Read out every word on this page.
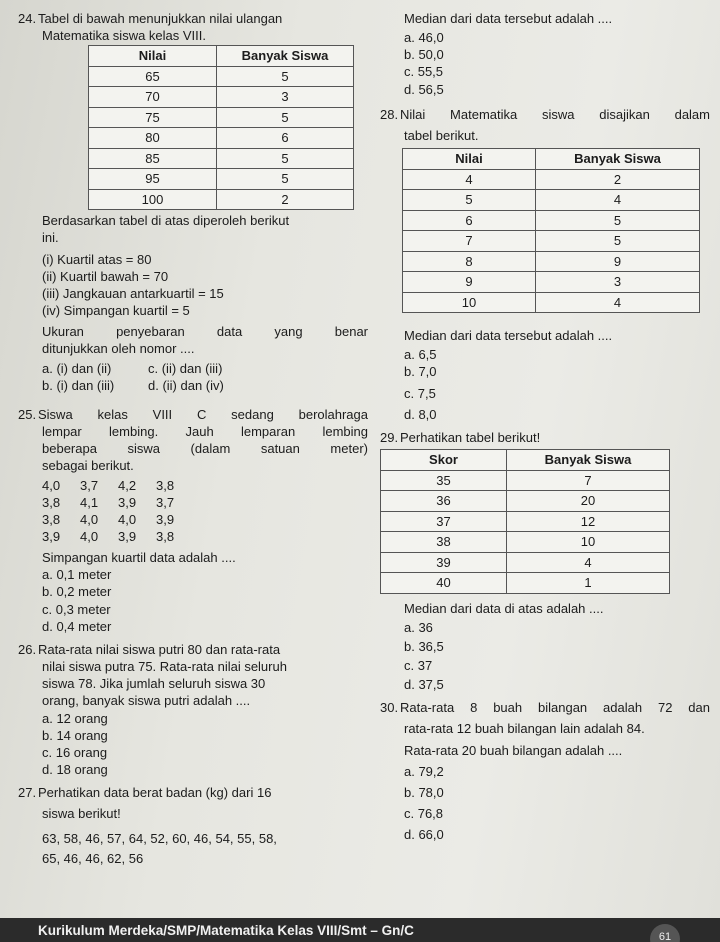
24. Tabel di bawah menunjukkan nilai ulangan

Matematika siswa kelas VIII.

Nilai	Banyak Siswa
65	5
70	3
75	5
80	6
85	5
95	5
100	2

Berdasarkan tabel di atas diperoleh berikut

ini.

(i) Kuartil atas = 80

(ii) Kuartil bawah = 70

(iii) Jangkauan antarkuartil = 15

(iv) Simpangan kuartil = 5

Ukuran penyebaran data yang benar

ditunjukkan oleh nomor ....

a. (i) dan (ii)	c. (ii) dan (iii)
b. (i) dan (iii)	d. (ii) dan (iv)

25. Siswa kelas VIII C sedang berolahraga

lempar lembing. Jauh lemparan lembing

beberapa siswa (dalam satuan meter)

sebagai berikut.

4,0	3,7	4,2	3,8
3,8	4,1	3,9	3,7
3,8	4,0	4,0	3,9
3,9	4,0	3,9	3,8

Simpangan kuartil data adalah ....

a. 0,1 meter

b. 0,2 meter

c. 0,3 meter

d. 0,4 meter

26. Rata-rata nilai siswa putri 80 dan rata-rata

nilai siswa putra 75. Rata-rata nilai seluruh

siswa 78. Jika jumlah seluruh siswa 30

orang, banyak siswa putri adalah ....

a. 12 orang

b. 14 orang

c. 16 orang

d. 18 orang

27. Perhatikan data berat badan (kg) dari 16

siswa berikut!

63, 58, 46, 57, 64, 52, 60, 46, 54, 55, 58,

65, 46, 46, 62, 56

Median dari data tersebut adalah ....

a. 46,0

b. 50,0

c. 55,5

d. 56,5

28. Nilai Matematika siswa disajikan dalam

tabel berikut.

Nilai	Banyak Siswa
4	2
5	4
6	5
7	5
8	9
9	3
10	4

Median dari data tersebut adalah ....

a. 6,5

b. 7,0

c. 7,5

d. 8,0

29. Perhatikan tabel berikut!

Skor	Banyak Siswa
35	7
36	20
37	12
38	10
39	4
40	1

Median dari data di atas adalah ....

a. 36

b. 36,5

c. 37

d. 37,5

30. Rata-rata 8 buah bilangan adalah 72 dan

rata-rata 12 buah bilangan lain adalah 84.

Rata-rata 20 buah bilangan adalah ....

a. 79,2

b. 78,0

c. 76,8

d. 66,0

Kurikulum Merdeka/SMP/Matematika Kelas VIII/Smt – Gn/C	61
